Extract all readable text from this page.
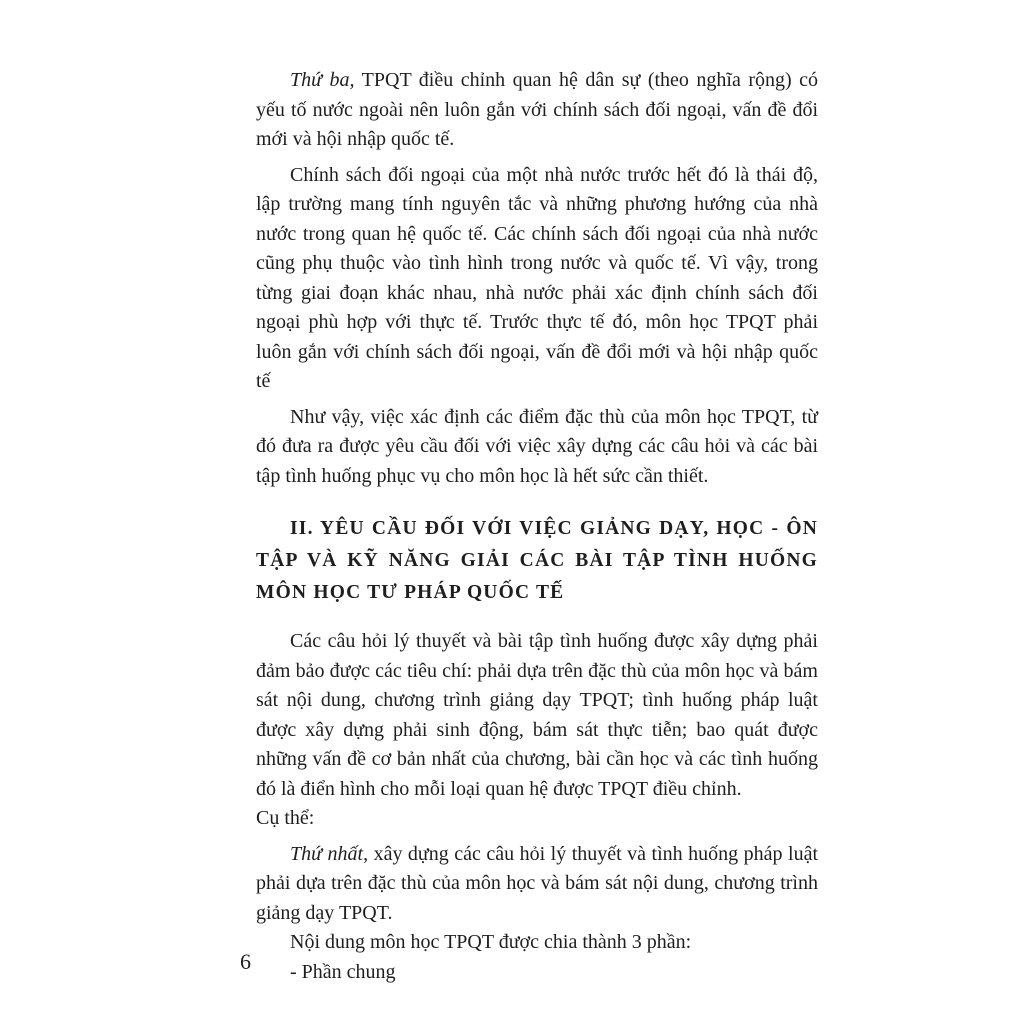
Thứ ba, TPQT điều chỉnh quan hệ dân sự (theo nghĩa rộng) có yếu tố nước ngoài nên luôn gắn với chính sách đối ngoại, vấn đề đổi mới và hội nhập quốc tế.

Chính sách đối ngoại của một nhà nước trước hết đó là thái độ, lập trường mang tính nguyên tắc và những phương hướng của nhà nước trong quan hệ quốc tế. Các chính sách đối ngoại của nhà nước cũng phụ thuộc vào tình hình trong nước và quốc tế. Vì vậy, trong từng giai đoạn khác nhau, nhà nước phải xác định chính sách đối ngoại phù hợp với thực tế. Trước thực tế đó, môn học TPQT phải luôn gắn với chính sách đối ngoại, vấn đề đổi mới và hội nhập quốc tế

Như vậy, việc xác định các điểm đặc thù của môn học TPQT, từ đó đưa ra được yêu cầu đối với việc xây dựng các câu hỏi và các bài tập tình huống phục vụ cho môn học là hết sức cần thiết.

II. YÊU CẦU ĐỐI VỚI VIỆC GIẢNG DẠY, HỌC - ÔN TẬP VÀ KỸ NĂNG GIẢI CÁC BÀI TẬP TÌNH HUỐNG MÔN HỌC TƯ PHÁP QUỐC TẾ

Các câu hỏi lý thuyết và bài tập tình huống được xây dựng phải đảm bảo được các tiêu chí: phải dựa trên đặc thù của môn học và bám sát nội dung, chương trình giảng dạy TPQT; tình huống pháp luật được xây dựng phải sinh động, bám sát thực tiễn; bao quát được những vấn đề cơ bản nhất của chương, bài cần học và các tình huống đó là điển hình cho mỗi loại quan hệ được TPQT điều chỉnh.

Cụ thể:

Thứ nhất, xây dựng các câu hỏi lý thuyết và tình huống pháp luật phải dựa trên đặc thù của môn học và bám sát nội dung, chương trình giảng dạy TPQT.

Nội dung môn học TPQT được chia thành 3 phần:

- Phần chung

6
